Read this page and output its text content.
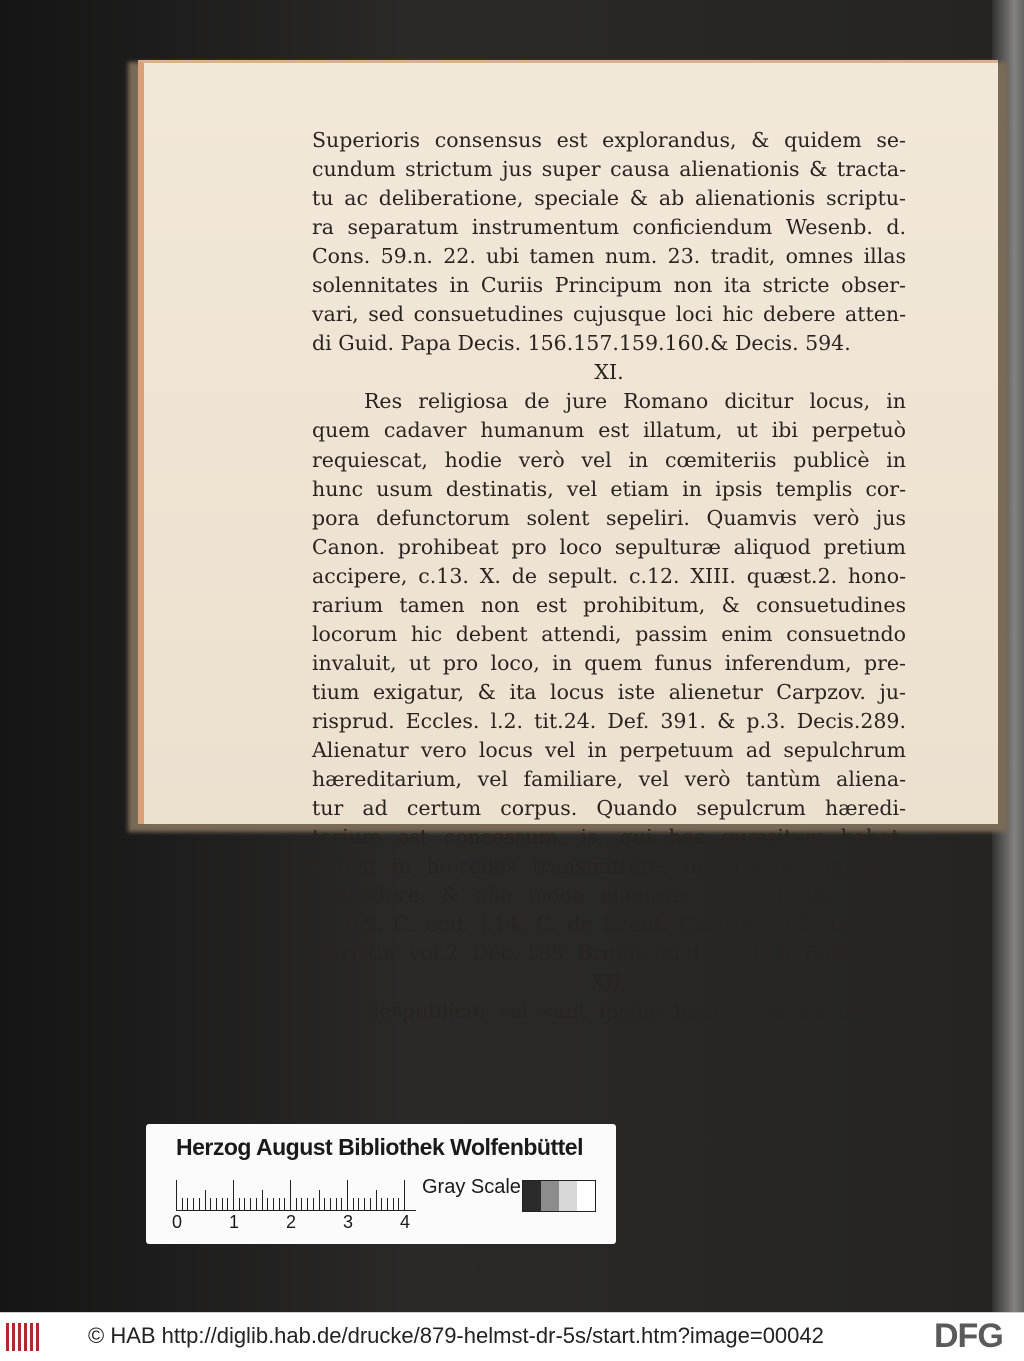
Superioris consensus est explorandus, & quidem se-
cundum strictum jus super causa alienationis & tracta-
tu ac deliberatione, speciale & ab alienationis scriptu-
ra separatum instrumentum conficiendum Wesenb. d.
Cons. 59.n. 22. ubi tamen num. 23. tradit, omnes illas
solennitates in Curiis Principum non ita stricte obser-
vari, sed consuetudines cujusque loci hic debere atten-
di Guid. Papa Decis. 156.157.159.160.& Decis. 594.
XI.
Res religiosa de jure Romano dicitur locus, in
quem cadaver humanum est illatum, ut ibi perpetuò
requiescat, hodie verò vel in cœmiteriis publicè in
hunc usum destinatis, vel etiam in ipsis templis cor-
pora defunctorum solent sepeliri. Quamvis verò jus
Canon. prohibeat pro loco sepulturæ aliquod pretium
accipere, c.13. X. de sepult. c.12. XIII. quæst.2. hono-
rarium tamen non est prohibitum, & consuetudines
locorum hic debent attendi, passim enim consuetndo
invaluit, ut pro loco, in quem funus inferendum, pre-
tium exigatur, & ita locus iste alienetur Carpzov. ju-
risprud. Eccles. l.2. tit.24. Def. 391. & p.3. Decis.289.
Alienatur vero locus vel in perpetuum ad sepulchrum
hæreditarium, vel familiare, vel verò tantùm aliena-
tur ad certum corpus. Quando sepulcrum hæredi-
tarium est concessum, is, qui hoc quæsitum habet,
potest in hæredes transmittere, usum ejus legatario
concedere, & alio modo alienare. l. 5. ff. de Relig.
l.4.8.9. C. eod. l.14. C. de Legat. Carpzov. p.3. D. 289.
Christin. vol.2. Dec. 195. Brunn. ad d.l.5. ff. de Relig.
XII.
Respublicæ vel sunt ipsius Imperii, & ad fiscum
vel
Herzog August Bibliothek Wolfenbüttel
0	1	2	3	4
Gray Scale
© HAB http://diglib.hab.de/drucke/879-helmst-dr-5s/start.htm?image=00042	DFG
